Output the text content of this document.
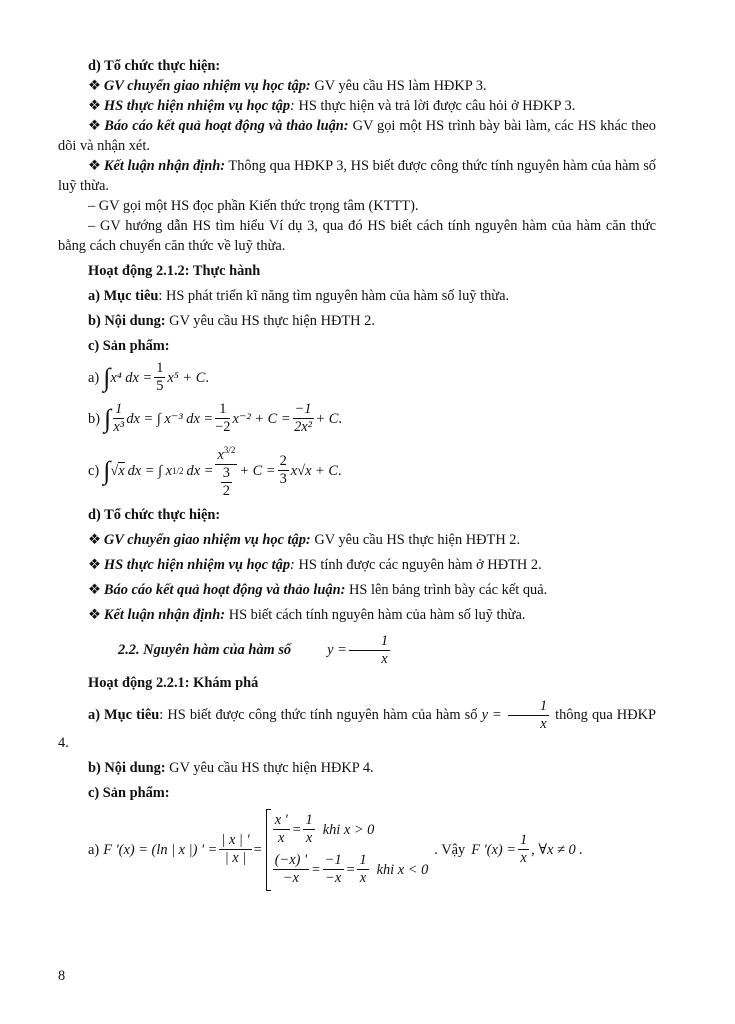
d) Tổ chức thực hiện:

❖ GV chuyển giao nhiệm vụ học tập: GV yêu cầu HS làm HĐKP 3.

❖ HS thực hiện nhiệm vụ học tập: HS thực hiện và trả lời được câu hỏi ở HĐKP 3.

❖ Báo cáo kết quả hoạt động và thảo luận: GV gọi một HS trình bày bài làm, các HS khác theo dõi và nhận xét.

❖ Kết luận nhận định: Thông qua HĐKP 3, HS biết được công thức tính nguyên hàm của hàm số luỹ thừa.

– GV gọi một HS đọc phần Kiến thức trọng tâm (KTTT).

– GV hướng dẫn HS tìm hiểu Ví dụ 3, qua đó HS biết cách tính nguyên hàm của hàm căn thức bằng cách chuyển căn thức về luỹ thừa.

Hoạt động 2.1.2: Thực hành

a) Mục tiêu: HS phát triển kĩ năng tìm nguyên hàm của hàm số luỹ thừa.

b) Nội dung: GV yêu cầu HS thực hiện HĐTH 2.

c) Sản phẩm:

a) ∫ x⁴ dx = $\frac{1}{5} x^5 + C$ .
b) ∫ $\frac{1}{\text{x³}}$ dx = ∫ x⁻³ dx = $\frac{1}{-2} x^{-2} + C = \frac{-1}{\text{2x²}} + C$ .
c) ∫ √x dx = ∫ x 1/2 dx = $\frac{x^{3/2}}{\frac{3}{2}} + C = \frac{2}{3} x√x + C$ .

d) Tổ chức thực hiện:

❖ GV chuyển giao nhiệm vụ học tập: GV yêu cầu HS thực hiện HĐTH 2.

❖ HS thực hiện nhiệm vụ học tập: HS tính được các nguyên hàm ở HĐTH 2.

❖ Báo cáo kết quả hoạt động và thảo luận: HS lên bảng trình bày các kết quả.

❖ Kết luận nhận định: HS biết cách tính nguyên hàm của hàm số luỹ thừa.

2.2. Nguyên hàm của hàm số	$y = \frac{1}{x}$

Hoạt động 2.2.1: Khám phá

a) Mục tiêu: HS biết được công thức tính nguyên hàm của hàm số $y = \frac{1}{x}$ thông qua HĐKP 4.

b) Nội dung: GV yêu cầu HS thực hiện HĐKP 4.

c) Sản phẩm:

a) F '(x) = (ln | x |) ' = $\frac{| x | '}{| x |}$ =
$\frac{x '}{x} = \frac{1}{x}$ khi x > 0
$\frac{(-x) '}{-x} = \frac{-1}{-x} = \frac{1}{x}$ khi x < 0
. Vậy F '$(x) = \frac{1}{x}$ , ∀x ≠ 0 .
8
